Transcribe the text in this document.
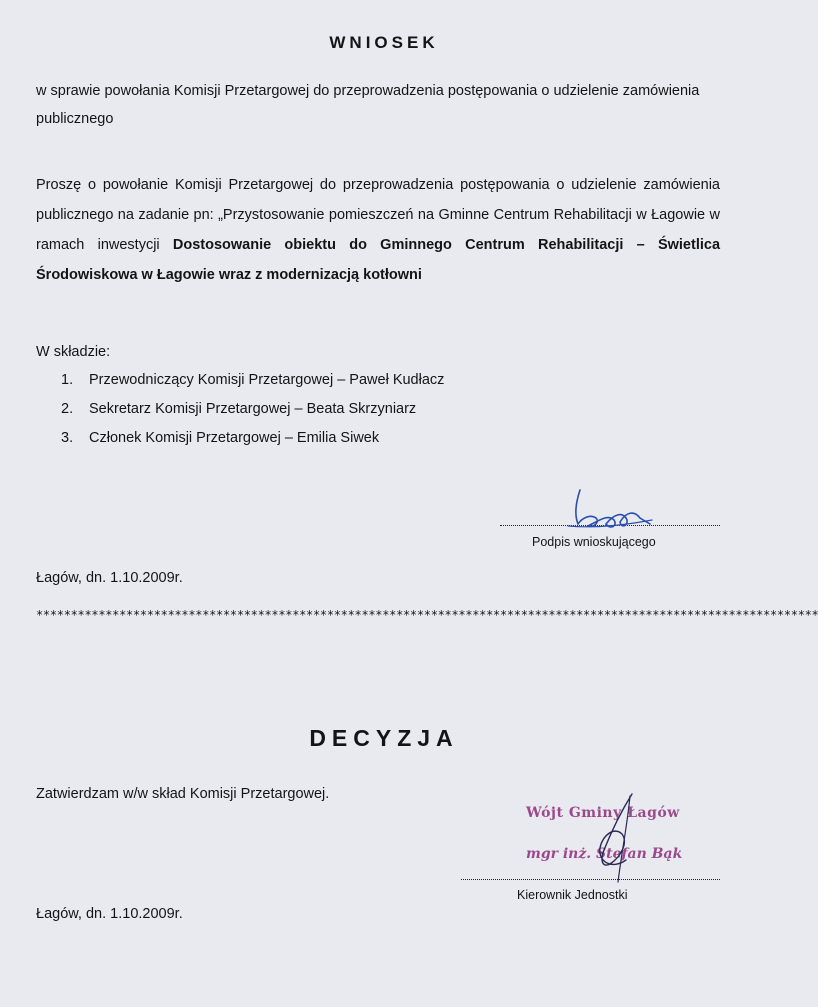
WNIOSEK
w sprawie powołania Komisji Przetargowej do przeprowadzenia postępowania o udzielenie zamówienia publicznego
Proszę o powołanie Komisji Przetargowej do przeprowadzenia postępowania o udzielenie zamówienia publicznego na zadanie pn: „Przystosowanie pomieszczeń na Gminne Centrum Rehabilitacji w Łagowie w ramach inwestycji Dostosowanie obiektu do Gminnego Centrum Rehabilitacji – Świetlica Środowiskowa w Łagowie wraz z modernizacją kotłowni
W składzie:
1. Przewodniczący Komisji Przetargowej – Paweł Kudłacz
2. Sekretarz Komisji Przetargowej – Beata Skrzyniarz
3. Członek Komisji Przetargowej – Emilia Siwek
Podpis wnioskującego
Łagów, dn. 1.10.2009r.
*****************************************************************************************************************
DECYZJA
Zatwierdzam w/w skład Komisji Przetargowej.
Wójt Gminy Łagów
mgr inż. Stefan Bąk
Kierownik Jednostki
Łagów, dn. 1.10.2009r.
